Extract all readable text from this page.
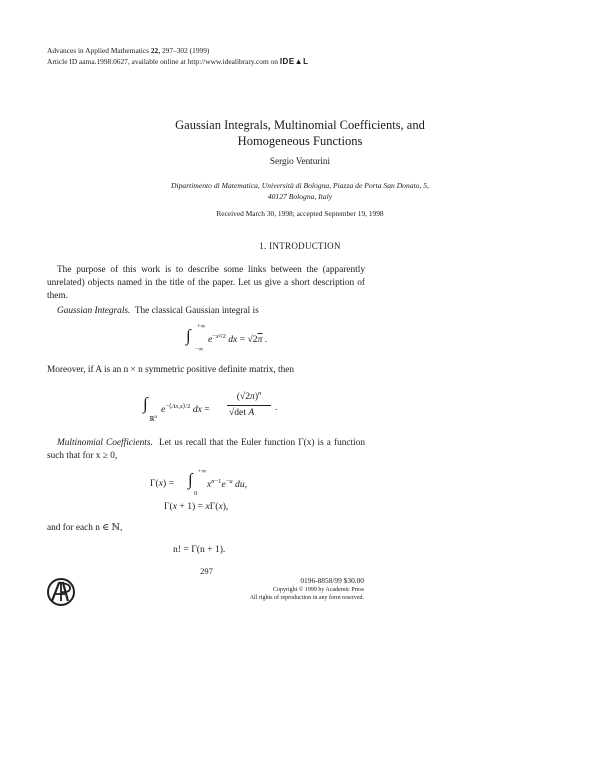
Advances in Applied Mathematics 22, 297–302 (1999)
Article ID aama.1998.0627, available online at http://www.idealibrary.com on IDE▲L
Gaussian Integrals, Multinomial Coefficients, and
Homogeneous Functions
Sergio Venturini
Dipartimento di Matematica, Università di Bologna, Piazza de Porta San Donato, 5,
40127 Bologna, Italy
Received March 30, 1998; accepted September 19, 1998
1. INTRODUCTION
The purpose of this work is to describe some links between the (apparently unrelated) objects named in the title of the paper. Let us give a short description of them.
Gaussian Integrals. The classical Gaussian integral is
∫ +∞
−∞
$e^{-x^2/2}$ dx = $√2\overline{\pi}$ .
Moreover, if A is an n × n symmetric positive definite matrix, then
∫
ℝ$^n$
$e^{-⟨Ax,x⟩/2}$ dx =
$(√2\pi)^n$
√det A .
Multinomial Coefficients. Let us recall that the Euler function Γ(x) is a function such that for x ≥ 0,
Γ(x) = ∫ +∞
0
$x^{n-1}e^{-u}$ du,
Γ(x + 1) = xΓ(x),
and for each n ∈ ℕ,
n! = Γ(n + 1).
297
0196-8858/99 $30.00
Copyright © 1999 by Academic Press
All rights of reproduction in any form reserved.
